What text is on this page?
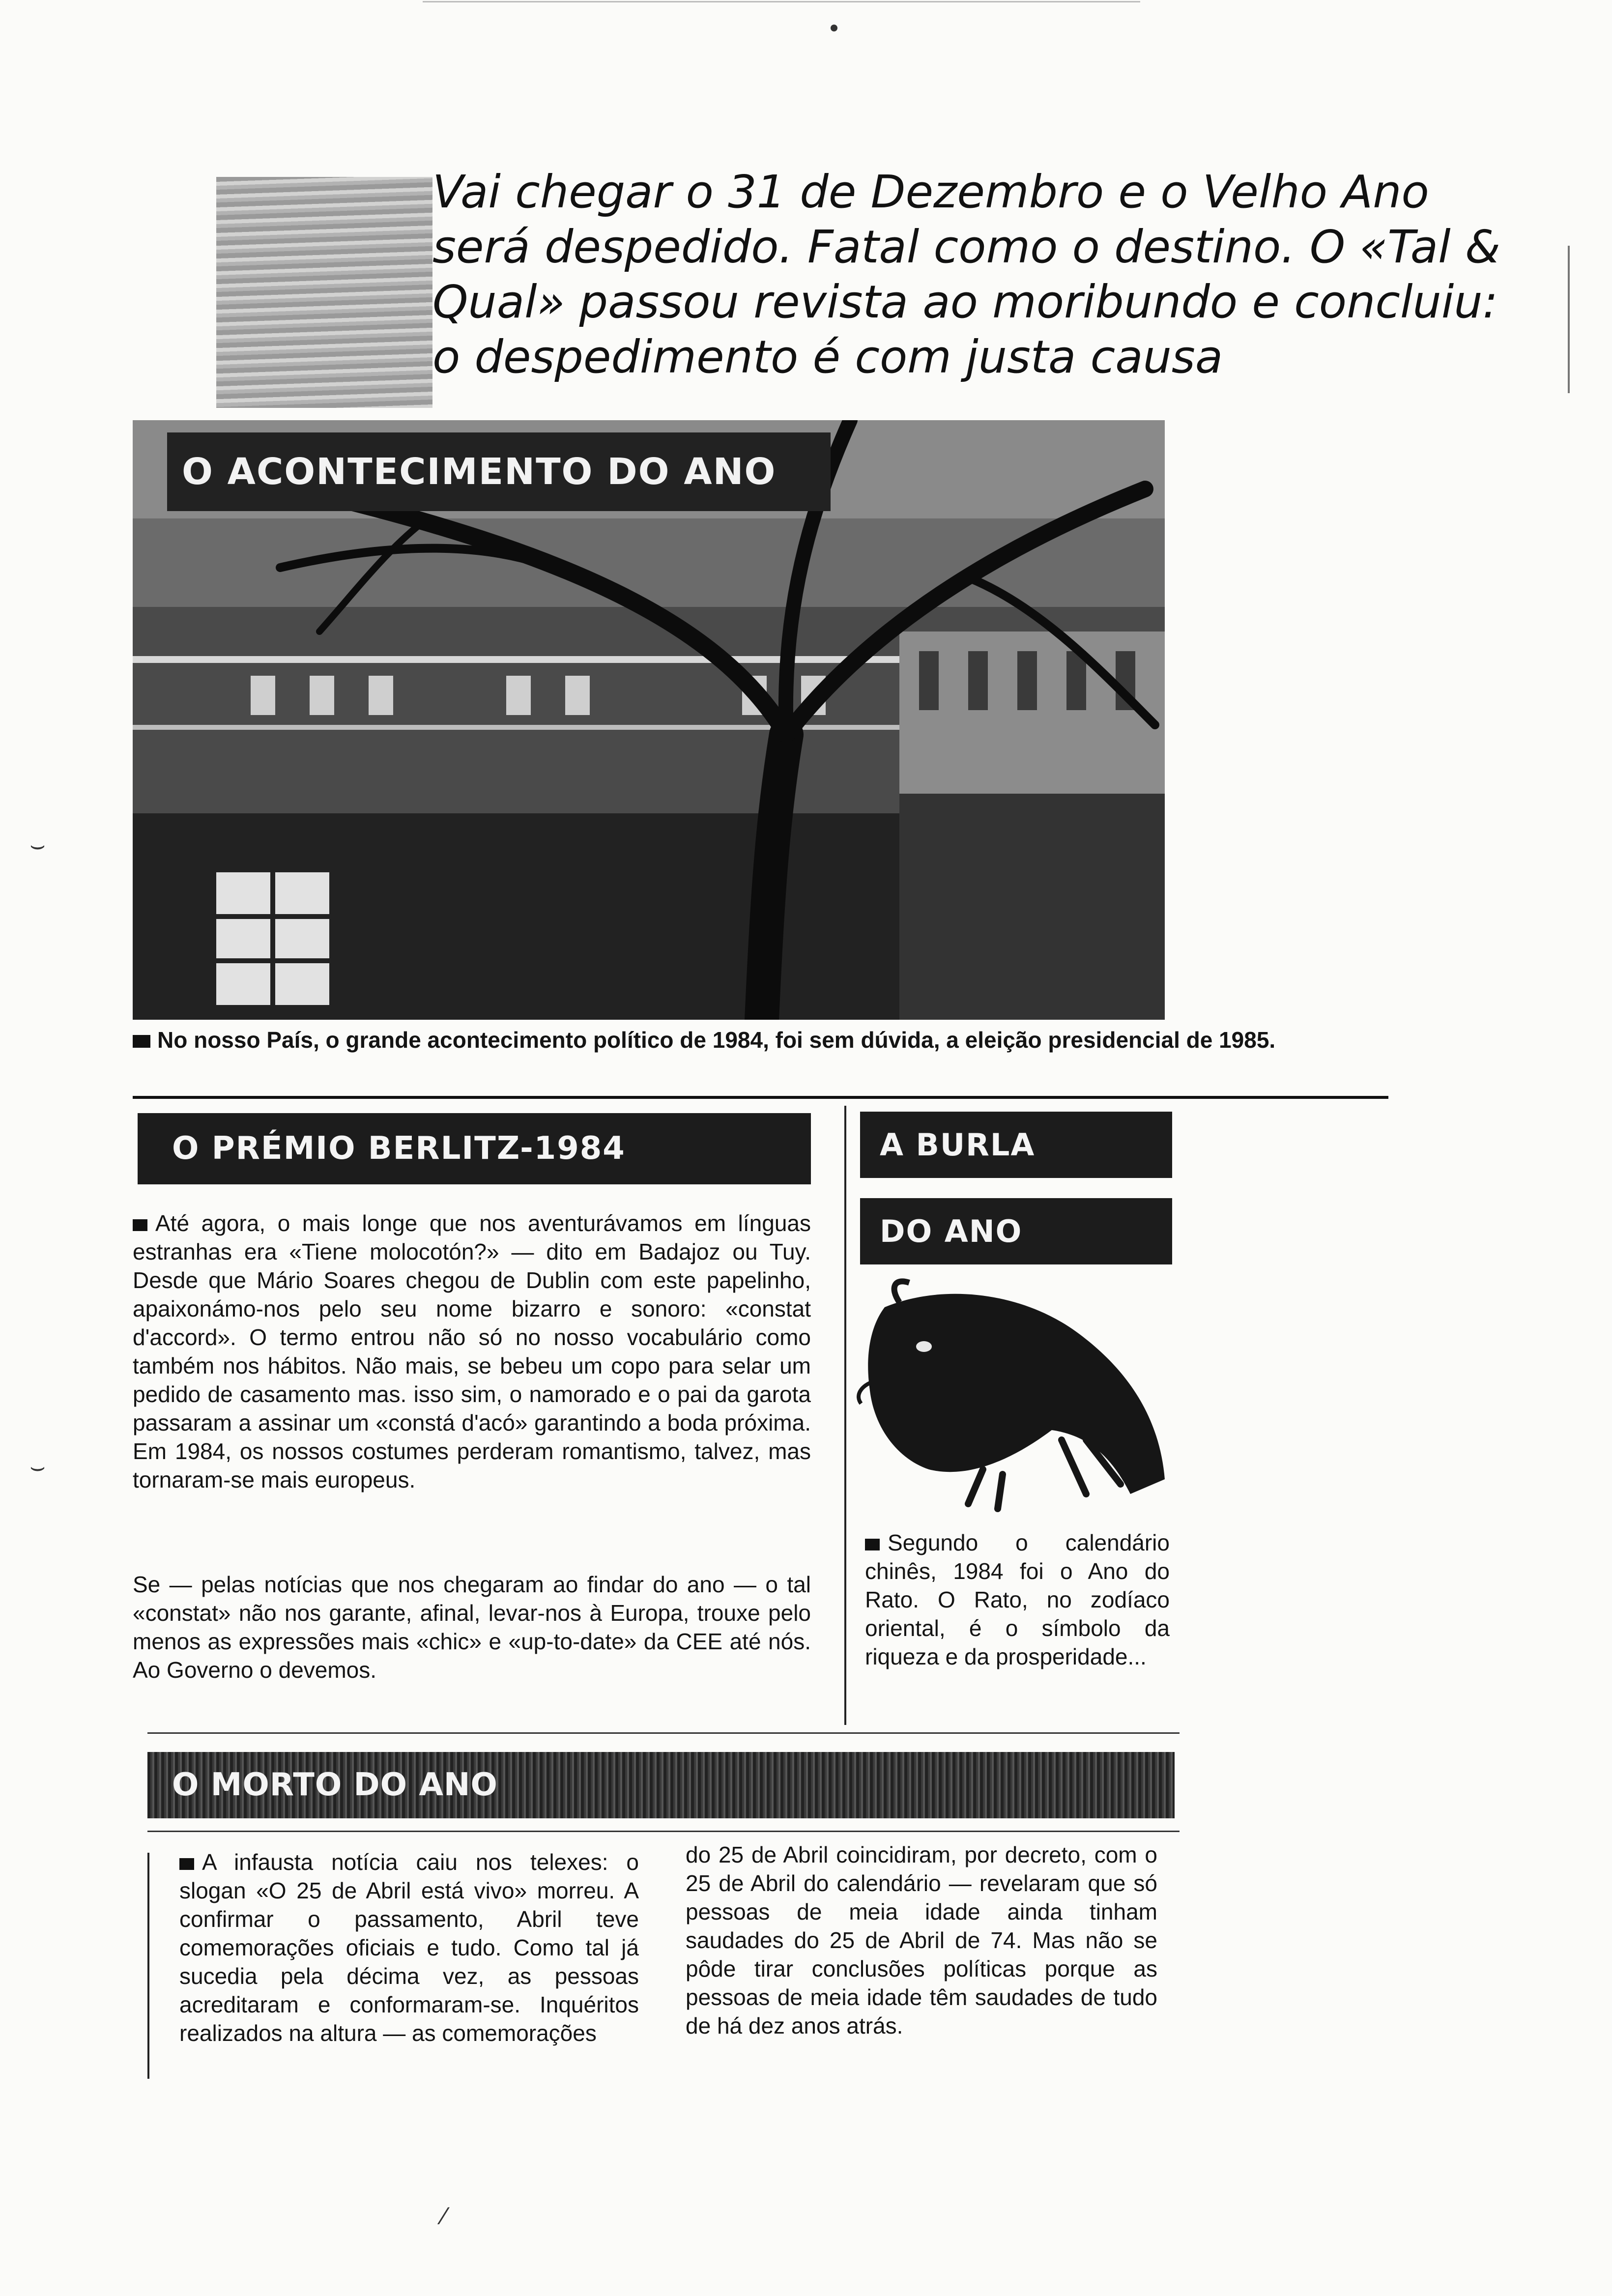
Vai chegar o 31 de Dezembro e o Velho Ano será despedido. Fatal como o destino. O «Tal & Qual» passou revista ao moribundo e concluiu: o despedimento é com justa causa
O ACONTECIMENTO DO ANO
No nosso País, o grande acontecimento político de 1984, foi sem dúvida, a eleição presidencial de 1985.
O PRÉMIO BERLITZ-1984	A BURLA
DO ANO
Até agora, o mais longe que nos aventurávamos em línguas estranhas era «Tiene molocotón?» — dito em Badajoz ou Tuy. Desde que Mário Soares chegou de Dublin com este papelinho, apaixonámo-nos pelo seu nome bizarro e sonoro: «constat d'accord». O termo entrou não só no nosso vocabulário como também nos hábitos. Não mais, se bebeu um copo para selar um pedido de casamento mas. isso sim, o namorado e o pai da garota passaram a assinar um «constá d'acó» garantindo a boda próxima. Em 1984, os nossos costumes perderam romantismo, talvez, mas tornaram-se mais europeus.
Se — pelas notícias que nos chegaram ao findar do ano — o tal «constat» não nos garante, afinal, levar-nos à Europa, trouxe pelo menos as expressões mais «chic» e «up-to-date» da CEE até nós. Ao Governo o devemos.
Segundo o calendário chinês, 1984 foi o Ano do Rato. O Rato, no zodíaco oriental, é o símbolo da riqueza e da prosperidade...
O MORTO DO ANO
A infausta notícia caiu nos telexes: o slogan «O 25 de Abril está vivo» morreu. A confirmar o passamento, Abril teve comemorações oficiais e tudo. Como tal já sucedia pela décima vez, as pessoas acreditaram e conformaram-se. Inquéritos realizados na altura — as comemorações
do 25 de Abril coincidiram, por decreto, com o 25 de Abril do calendário — revelaram que só pessoas de meia idade ainda tinham saudades do 25 de Abril de 74. Mas não se pôde tirar conclusões políticas porque as pessoas de meia idade têm saudades de tudo de há dez anos atrás.
⌣
⌣
⁄
